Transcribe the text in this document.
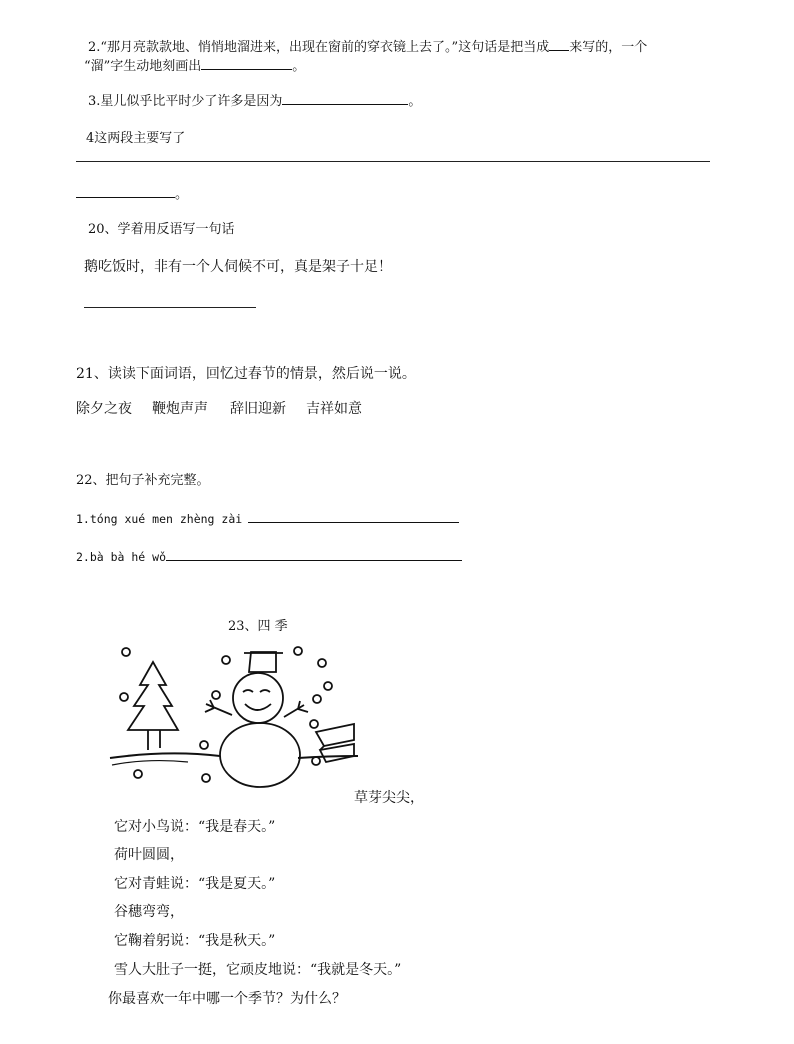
2.“那月亮款款地、悄悄地溜进来，出现在窗前的穿衣镜上去了。”这句话是把当成 来写的，一个
“溜”字生动地刻画出	。
3.星儿似乎比平时少了许多是因为	。
4这两段主要写了
。
20、学着用反语写一句话
鹅吃饭时，非有一个人伺候不可，真是架子十足！
21、读读下面词语，回忆过春节的情景，然后说一说。
除夕之夜 鞭炮声声 辞旧迎新 吉祥如意
22、把句子补充完整。
1.tóng xué men zhèng zài
2.bà bà hé wǒ
23、四 季
草芽尖尖，
它对小鸟说：“我是春天。”
荷叶圆圆，
它对青蛙说：“我是夏天。”
谷穗弯弯，
它鞠着躬说：“我是秋天。”
雪人大肚子一挺，它顽皮地说：“我就是冬天。”
你最喜欢一年中哪一个季节？为什么？
